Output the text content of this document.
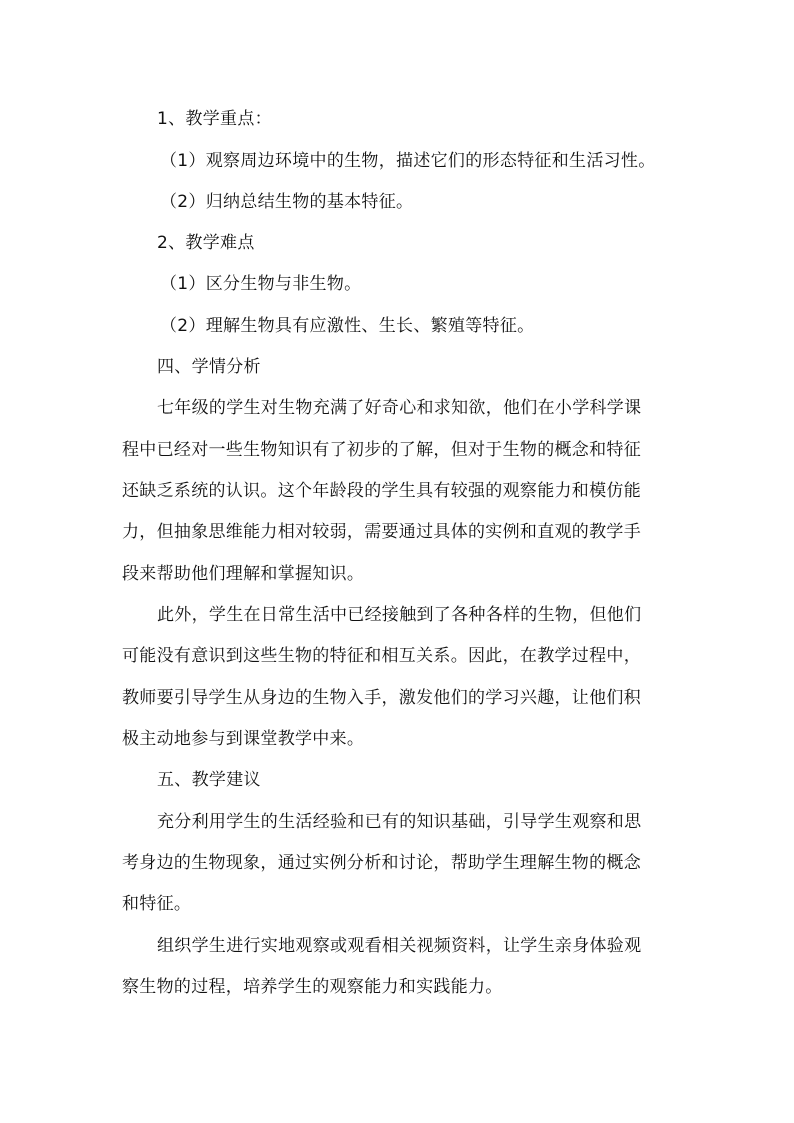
1、教学重点：
（1）观察周边环境中的生物，描述它们的形态特征和生活习性。
（2）归纳总结生物的基本特征。
2、教学难点
（1）区分生物与非生物。
（2）理解生物具有应激性、生长、繁殖等特征。
四、学情分析
七年级的学生对生物充满了好奇心和求知欲，他们在小学科学课
程中已经对一些生物知识有了初步的了解，但对于生物的概念和特征
还缺乏系统的认识。这个年龄段的学生具有较强的观察能力和模仿能
力，但抽象思维能力相对较弱，需要通过具体的实例和直观的教学手
段来帮助他们理解和掌握知识。
此外，学生在日常生活中已经接触到了各种各样的生物，但他们
可能没有意识到这些生物的特征和相互关系。因此，在教学过程中，
教师要引导学生从身边的生物入手，激发他们的学习兴趣，让他们积
极主动地参与到课堂教学中来。
五、教学建议
充分利用学生的生活经验和已有的知识基础，引导学生观察和思
考身边的生物现象，通过实例分析和讨论，帮助学生理解生物的概念
和特征。
组织学生进行实地观察或观看相关视频资料，让学生亲身体验观
察生物的过程，培养学生的观察能力和实践能力。
